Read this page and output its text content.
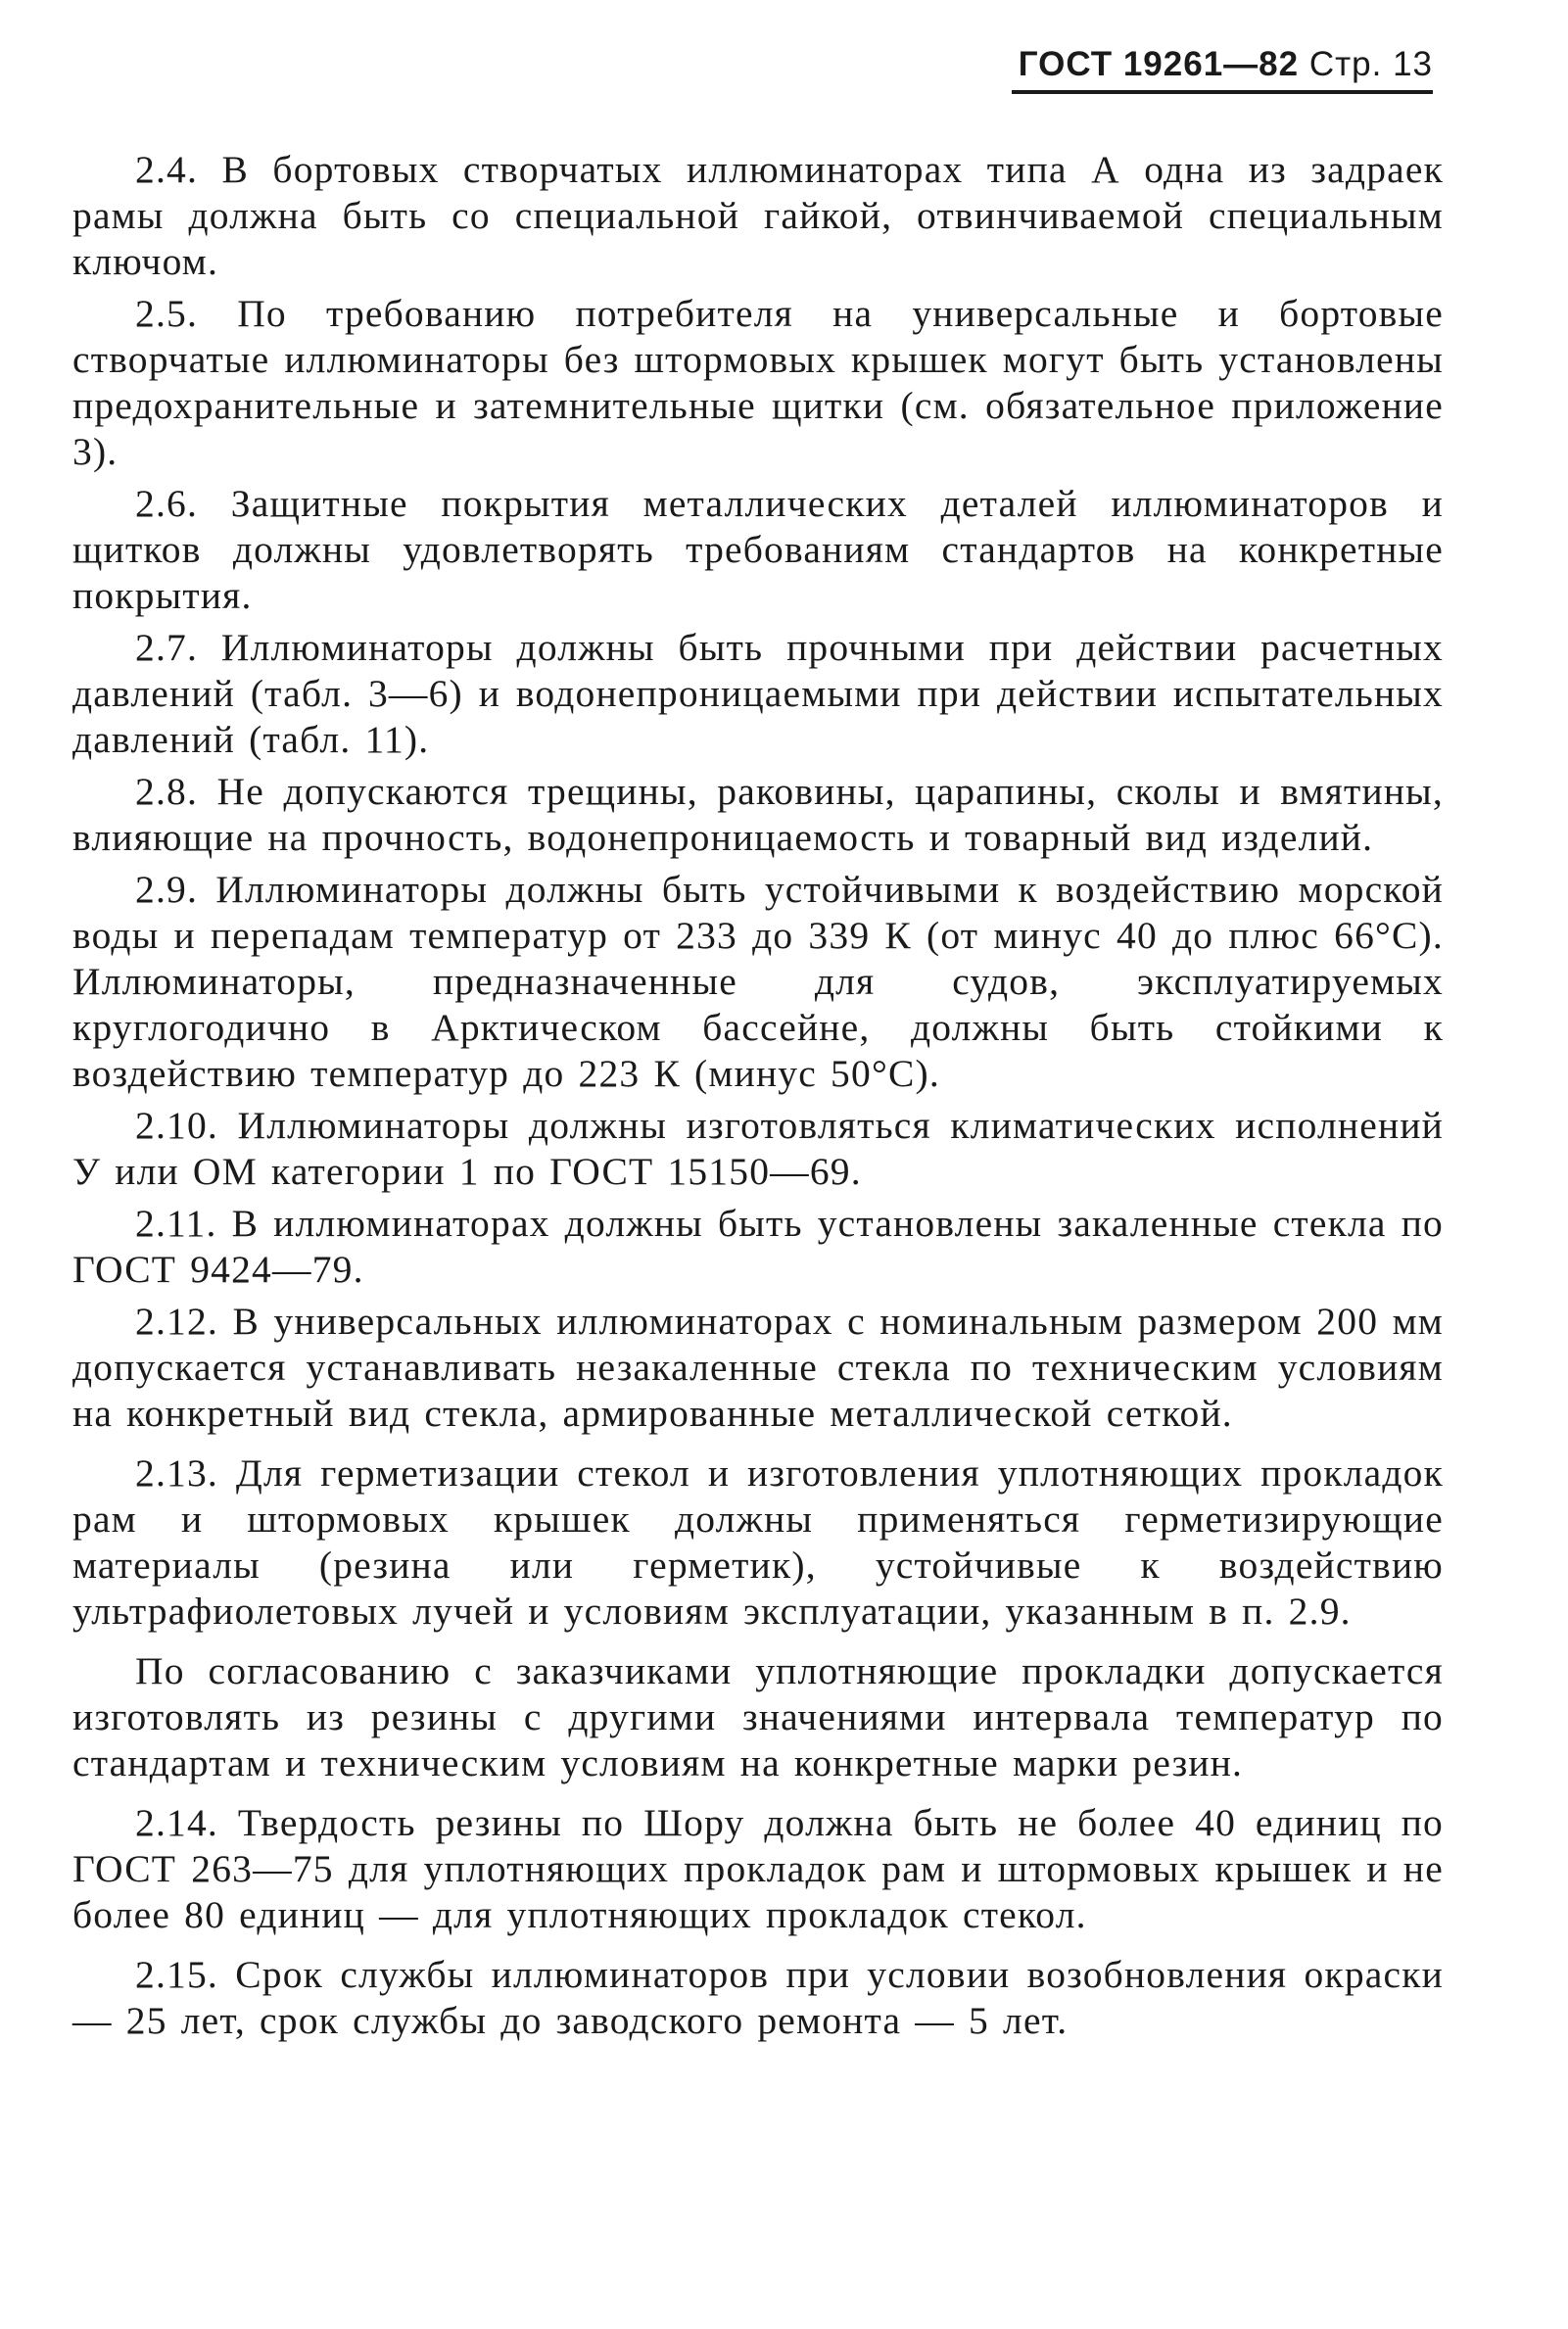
ГОСТ 19261—82 Стр. 13

2.4. В бортовых створчатых иллюминаторах типа А одна из задраек рамы должна быть со специальной гайкой, отвинчиваемой специальным ключом.

2.5. По требованию потребителя на универсальные и бортовые створчатые иллюминаторы без штормовых крышек могут быть установлены предохранительные и затемнительные щитки (см. обязательное приложение 3).

2.6. Защитные покрытия металлических деталей иллюминаторов и щитков должны удовлетворять требованиям стандартов на конкретные покрытия.

2.7. Иллюминаторы должны быть прочными при действии расчетных давлений (табл. 3—6) и водонепроницаемыми при действии испытательных давлений (табл. 11).

2.8. Не допускаются трещины, раковины, царапины, сколы и вмятины, влияющие на прочность, водонепроницаемость и товарный вид изделий.

2.9. Иллюминаторы должны быть устойчивыми к воздействию морской воды и перепадам температур от 233 до 339 К (от минус 40 до плюс 66°С). Иллюминаторы, предназначенные для судов, эксплуатируемых круглогодично в Арктическом бассейне, должны быть стойкими к воздействию температур до 223 К (минус 50°С).

2.10. Иллюминаторы должны изготовляться климатических исполнений У или ОМ категории 1 по ГОСТ 15150—69.

2.11. В иллюминаторах должны быть установлены закаленные стекла по ГОСТ 9424—79.

2.12. В универсальных иллюминаторах с номинальным размером 200 мм допускается устанавливать незакаленные стекла по техническим условиям на конкретный вид стекла, армированные металлической сеткой.

2.13. Для герметизации стекол и изготовления уплотняющих прокладок рам и штормовых крышек должны применяться герметизирующие материалы (резина или герметик), устойчивые к воздействию ультрафиолетовых лучей и условиям эксплуатации, указанным в п. 2.9.

По согласованию с заказчиками уплотняющие прокладки допускается изготовлять из резины с другими значениями интервала температур по стандартам и техническим условиям на конкретные марки резин.

2.14. Твердость резины по Шору должна быть не более 40 единиц по ГОСТ 263—75 для уплотняющих прокладок рам и штормовых крышек и не более 80 единиц — для уплотняющих прокладок стекол.

2.15. Срок службы иллюминаторов при условии возобновления окраски — 25 лет, срок службы до заводского ремонта — 5 лет.
